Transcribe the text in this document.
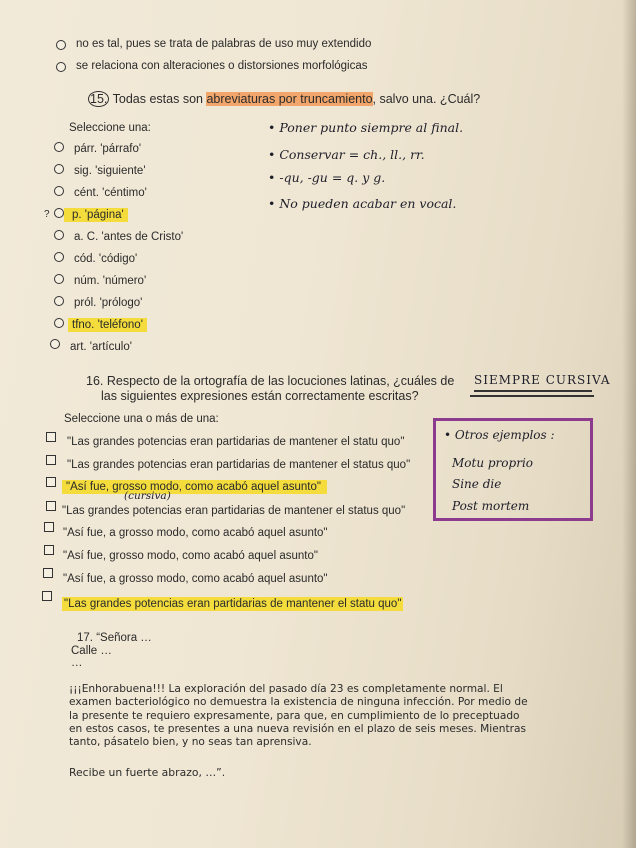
no es tal, pues se trata de palabras de uso muy extendido
se relaciona con alteraciones o distorsiones morfológicas
15. Todas estas son abreviaturas por truncamiento, salvo una. ¿Cuál?
Seleccione una:
párr. 'párrafo'
sig. 'siguiente'
cént. 'céntimo'
?	p. 'página'
a. C. 'antes de Cristo'
cód. 'código'
núm. 'número'
pról. 'prólogo'
tfno. 'teléfono'
art. 'artículo'
• Poner punto siempre al final.
• Conservar = ch., ll., rr.
• -qu, -gu = q. y g.
• No pueden acabar en vocal.
16. Respecto de la ortografía de las locuciones latinas, ¿cuáles de
las siguientes expresiones están correctamente escritas?
Seleccione una o más de una:
SIEMPRE CURSIVA
"Las grandes potencias eran partidarias de mantener el statu quo"
"Las grandes potencias eran partidarias de mantener el status quo"
"Así fue, grosso modo, como acabó aquel asunto"
(cursiva)
"Las grandes potencias eran partidarias de mantener el status quo"
"Así fue, a grosso modo, como acabó aquel asunto"
"Así fue, grosso modo, como acabó aquel asunto"
"Así fue, a grosso modo, como acabó aquel asunto"
"Las grandes potencias eran partidarias de mantener el statu quo"
• Otros ejemplos :
Motu proprio
Sine die
Post mortem
17. “Señora …
Calle …
…
¡¡¡Enhorabuena!!! La exploración del pasado día 23 es completamente normal. El examen bacteriológico no demuestra la existencia de ninguna infección. Por medio de la presente te requiero expresamente, para que, en cumplimiento de lo preceptuado en estos casos, te presentes a una nueva revisión en el plazo de seis meses. Mientras tanto, pásatelo bien, y no seas tan aprensiva.
Recibe un fuerte abrazo, …”.
